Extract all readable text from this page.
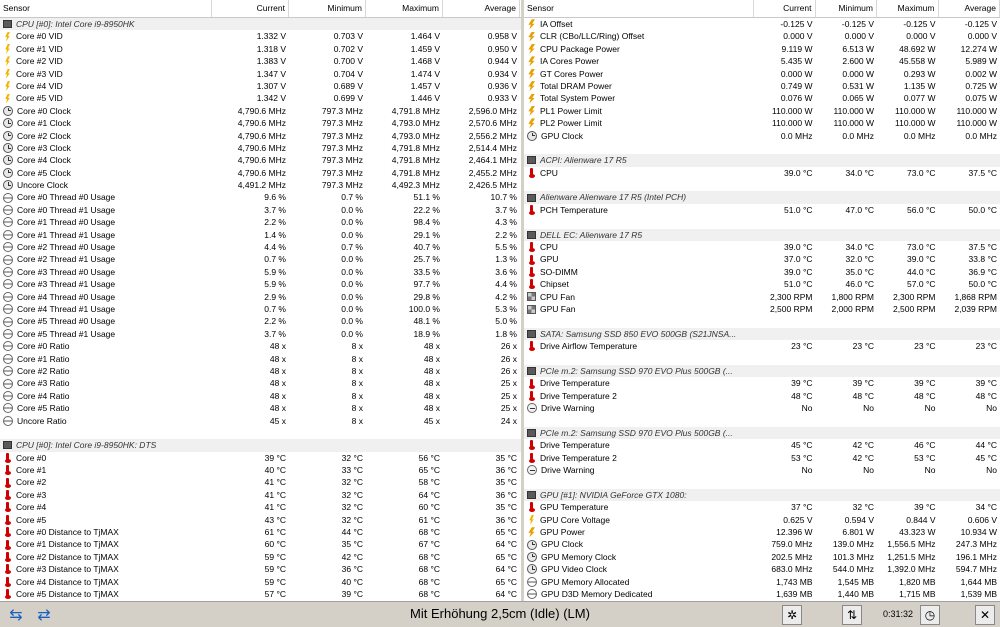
Sensor	Current	Minimum	Maximum	Average
CPU [#0]: Intel Core i9-8950HK
Core #0 VID	1.332 V	0.703 V	1.464 V	0.958 V
Core #1 VID	1.318 V	0.702 V	1.459 V	0.950 V
Core #2 VID	1.383 V	0.700 V	1.468 V	0.944 V
Core #3 VID	1.347 V	0.704 V	1.474 V	0.934 V
Core #4 VID	1.307 V	0.689 V	1.457 V	0.936 V
Core #5 VID	1.342 V	0.699 V	1.446 V	0.933 V
Core #0 Clock	4,790.6 MHz	797.3 MHz	4,791.8 MHz	2,596.0 MHz
Core #1 Clock	4,790.6 MHz	797.3 MHz	4,793.0 MHz	2,570.6 MHz
Core #2 Clock	4,790.6 MHz	797.3 MHz	4,793.0 MHz	2,556.2 MHz
Core #3 Clock	4,790.6 MHz	797.3 MHz	4,791.8 MHz	2,514.4 MHz
Core #4 Clock	4,790.6 MHz	797.3 MHz	4,791.8 MHz	2,464.1 MHz
Core #5 Clock	4,790.6 MHz	797.3 MHz	4,791.8 MHz	2,455.2 MHz
Uncore Clock	4,491.2 MHz	797.3 MHz	4,492.3 MHz	2,426.5 MHz
Core #0 Thread #0 Usage	9.6 %	0.7 %	51.1 %	10.7 %
Core #0 Thread #1 Usage	3.7 %	0.0 %	22.2 %	3.7 %
Core #1 Thread #0 Usage	2.2 %	0.0 %	98.4 %	4.3 %
Core #1 Thread #1 Usage	1.4 %	0.0 %	29.1 %	2.2 %
Core #2 Thread #0 Usage	4.4 %	0.7 %	40.7 %	5.5 %
Core #2 Thread #1 Usage	0.7 %	0.0 %	25.7 %	1.3 %
Core #3 Thread #0 Usage	5.9 %	0.0 %	33.5 %	3.6 %
Core #3 Thread #1 Usage	5.9 %	0.0 %	97.7 %	4.4 %
Core #4 Thread #0 Usage	2.9 %	0.0 %	29.8 %	4.2 %
Core #4 Thread #1 Usage	0.7 %	0.0 %	100.0 %	5.3 %
Core #5 Thread #0 Usage	2.2 %	0.0 %	48.1 %	5.0 %
Core #5 Thread #1 Usage	3.7 %	0.0 %	18.9 %	1.8 %
Core #0 Ratio	48 x	8 x	48 x	26 x
Core #1 Ratio	48 x	8 x	48 x	26 x
Core #2 Ratio	48 x	8 x	48 x	26 x
Core #3 Ratio	48 x	8 x	48 x	25 x
Core #4 Ratio	48 x	8 x	48 x	25 x
Core #5 Ratio	48 x	8 x	48 x	25 x
Uncore Ratio	45 x	8 x	45 x	24 x
CPU [#0]: Intel Core i9-8950HK: DTS
Core #0	39 °C	32 °C	56 °C	35 °C
Core #1	40 °C	33 °C	65 °C	36 °C
Core #2	41 °C	32 °C	58 °C	35 °C
Core #3	41 °C	32 °C	64 °C	36 °C
Core #4	41 °C	32 °C	60 °C	35 °C
Core #5	43 °C	32 °C	61 °C	36 °C
Core #0 Distance to TjMAX	61 °C	44 °C	68 °C	65 °C
Core #1 Distance to TjMAX	60 °C	35 °C	67 °C	64 °C
Core #2 Distance to TjMAX	59 °C	42 °C	68 °C	65 °C
Core #3 Distance to TjMAX	59 °C	36 °C	68 °C	64 °C
Core #4 Distance to TjMAX	59 °C	40 °C	68 °C	65 °C
Core #5 Distance to TjMAX	57 °C	39 °C	68 °C	64 °C
Sensor	Current	Minimum	Maximum	Average
IA Offset	-0.125 V	-0.125 V	-0.125 V	-0.125 V
CLR (CBo/LLC/Ring) Offset	0.000 V	0.000 V	0.000 V	0.000 V
CPU Package Power	9.119 W	6.513 W	48.692 W	12.274 W
IA Cores Power	5.435 W	2.600 W	45.558 W	5.989 W
GT Cores Power	0.000 W	0.000 W	0.293 W	0.002 W
Total DRAM Power	0.749 W	0.531 W	1.135 W	0.725 W
Total System Power	0.076 W	0.065 W	0.077 W	0.075 W
PL1 Power Limit	110.000 W	110.000 W	110.000 W	110.000 W
PL2 Power Limit	110.000 W	110.000 W	110.000 W	110.000 W
GPU Clock	0.0 MHz	0.0 MHz	0.0 MHz	0.0 MHz
ACPI: Alienware 17 R5
CPU	39.0 °C	34.0 °C	73.0 °C	37.5 °C
Alienware Alienware 17 R5 (Intel PCH)
PCH Temperature	51.0 °C	47.0 °C	56.0 °C	50.0 °C
DELL EC: Alienware 17 R5
CPU	39.0 °C	34.0 °C	73.0 °C	37.5 °C
GPU	37.0 °C	32.0 °C	39.0 °C	33.8 °C
SO-DIMM	39.0 °C	35.0 °C	44.0 °C	36.9 °C
Chipset	51.0 °C	46.0 °C	57.0 °C	50.0 °C
CPU Fan	2,300 RPM	1,800 RPM	2,300 RPM	1,868 RPM
GPU Fan	2,500 RPM	2,000 RPM	2,500 RPM	2,039 RPM
SATA: Samsung SSD 850 EVO 500GB (S21JNSA...
Drive Airflow Temperature	23 °C	23 °C	23 °C	23 °C
PCIe m.2: Samsung SSD 970 EVO Plus 500GB (...
Drive Temperature	39 °C	39 °C	39 °C	39 °C
Drive Temperature 2	48 °C	48 °C	48 °C	48 °C
Drive Warning	No	No	No	No
PCIe m.2: Samsung SSD 970 EVO Plus 500GB (...
Drive Temperature	45 °C	42 °C	46 °C	44 °C
Drive Temperature 2	53 °C	42 °C	53 °C	45 °C
Drive Warning	No	No	No	No
GPU [#1]: NVIDIA GeForce GTX 1080:
GPU Temperature	37 °C	32 °C	39 °C	34 °C
GPU Core Voltage	0.625 V	0.594 V	0.844 V	0.606 V
GPU Power	12.396 W	6.801 W	43.323 W	10.934 W
GPU Clock	759.0 MHz	139.0 MHz	1,556.5 MHz	247.3 MHz
GPU Memory Clock	202.5 MHz	101.3 MHz	1,251.5 MHz	196.1 MHz
GPU Video Clock	683.0 MHz	544.0 MHz	1,392.0 MHz	594.7 MHz
GPU Memory Allocated	1,743 MB	1,545 MB	1,820 MB	1,644 MB
GPU D3D Memory Dedicated	1,639 MB	1,440 MB	1,715 MB	1,539 MB
⇆ ⇄	Mit Erhöhung 2,5cm (Idle) (LM)	✲	⇅	0:31:32 ◷	✕
